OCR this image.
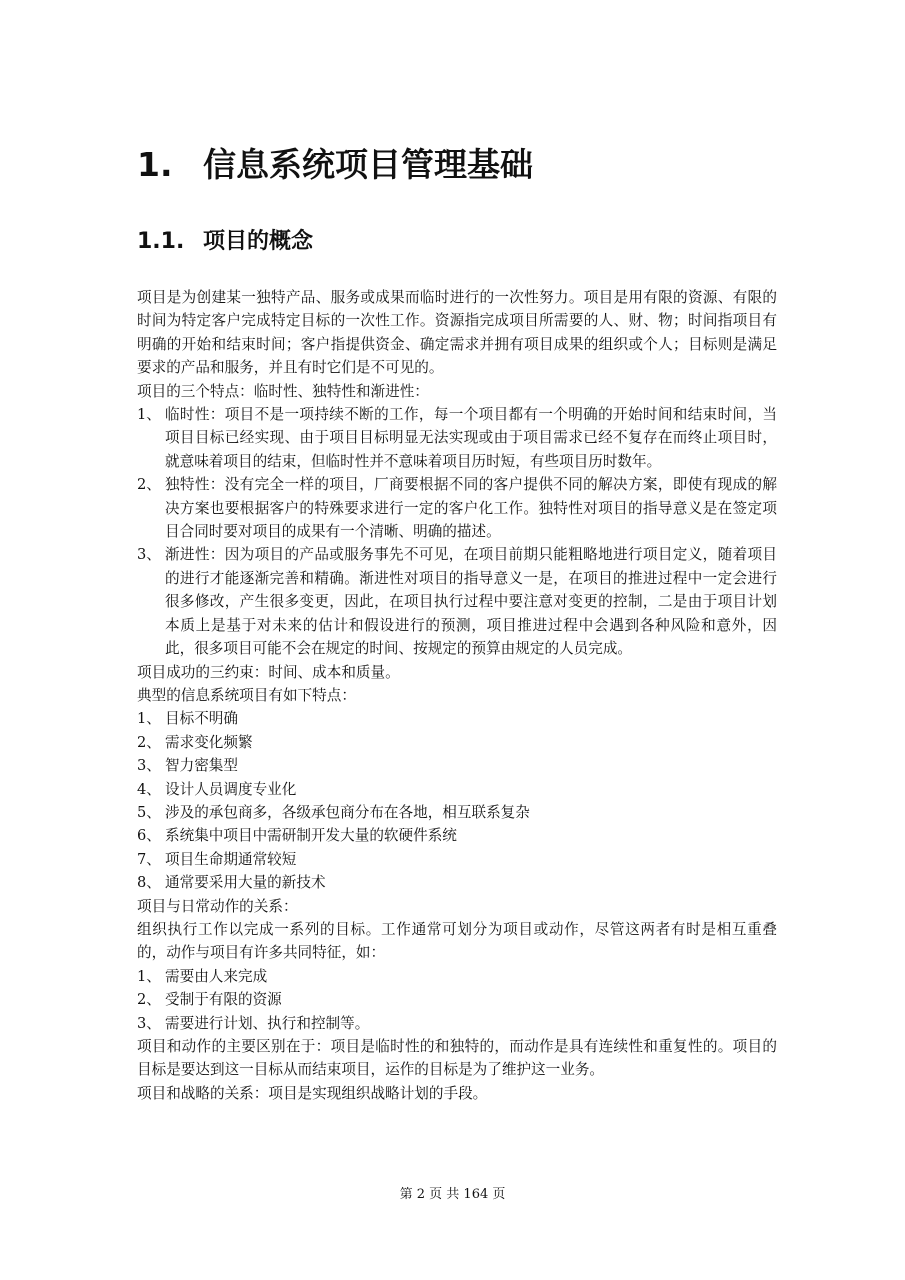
1. 信息系统项目管理基础
1.1. 项目的概念

项目是为创建某一独特产品、服务或成果而临时进行的一次性努力。项目是用有限的资源、有限的时间为特定客户完成特定目标的一次性工作。资源指完成项目所需要的人、财、物；时间指项目有明确的开始和结束时间；客户指提供资金、确定需求并拥有项目成果的组织或个人；目标则是满足要求的产品和服务，并且有时它们是不可见的。

项目的三个特点：临时性、独特性和渐进性：

1、 临时性：项目不是一项持续不断的工作，每一个项目都有一个明确的开始时间和结束时间，当项目目标已经实现、由于项目目标明显无法实现或由于项目需求已经不复存在而终止项目时，就意味着项目的结束，但临时性并不意味着项目历时短，有些项目历时数年。
2、 独特性：没有完全一样的项目，厂商要根据不同的客户提供不同的解决方案，即使有现成的解决方案也要根据客户的特殊要求进行一定的客户化工作。独特性对项目的指导意义是在签定项目合同时要对项目的成果有一个清晰、明确的描述。
3、 渐进性：因为项目的产品或服务事先不可见，在项目前期只能粗略地进行项目定义，随着项目的进行才能逐渐完善和精确。渐进性对项目的指导意义一是，在项目的推进过程中一定会进行很多修改，产生很多变更，因此，在项目执行过程中要注意对变更的控制，二是由于项目计划本质上是基于对未来的估计和假设进行的预测，项目推进过程中会遇到各种风险和意外，因此，很多项目可能不会在规定的时间、按规定的预算由规定的人员完成。

项目成功的三约束：时间、成本和质量。

典型的信息系统项目有如下特点：

1、 目标不明确
2、 需求变化频繁
3、 智力密集型
4、 设计人员调度专业化
5、 涉及的承包商多，各级承包商分布在各地，相互联系复杂
6、 系统集中项目中需研制开发大量的软硬件系统
7、 项目生命期通常较短
8、 通常要采用大量的新技术

项目与日常动作的关系：

组织执行工作以完成一系列的目标。工作通常可划分为项目或动作，尽管这两者有时是相互重叠的，动作与项目有许多共同特征，如：

1、 需要由人来完成
2、 受制于有限的资源
3、 需要进行计划、执行和控制等。

项目和动作的主要区别在于：项目是临时性的和独特的，而动作是具有连续性和重复性的。项目的目标是要达到这一目标从而结束项目，运作的目标是为了维护这一业务。

项目和战略的关系：项目是实现组织战略计划的手段。

第 2 页 共 164 页
